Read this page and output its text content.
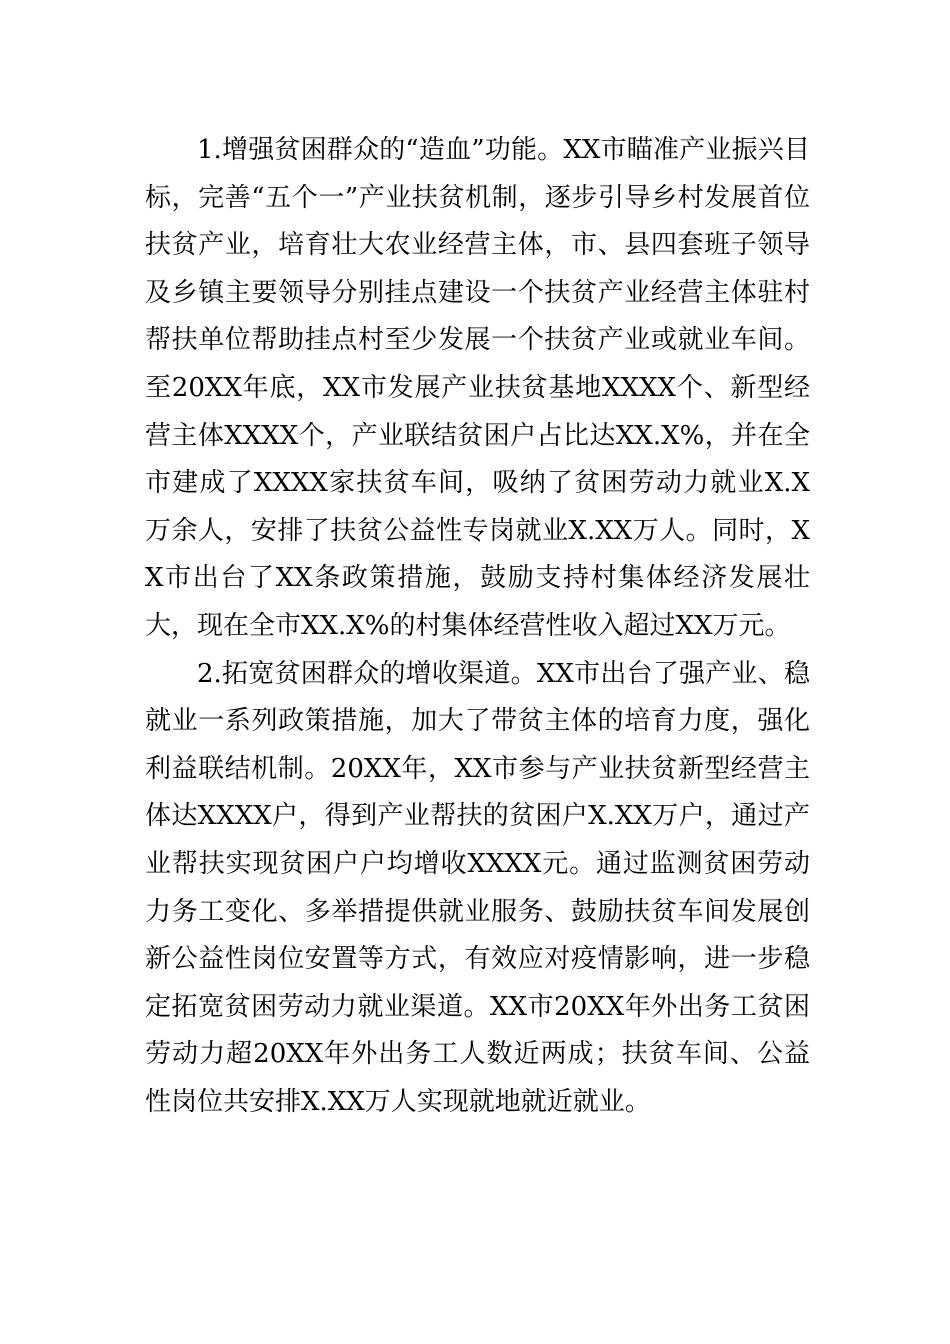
1.增强贫困群众的“造血”功能。XX市瞄准产业振兴目标，完善“五个一”产业扶贫机制，逐步引导乡村发展首位扶贫产业，培育壮大农业经营主体，市、县四套班子领导及乡镇主要领导分别挂点建设一个扶贫产业经营主体驻村帮扶单位帮助挂点村至少发展一个扶贫产业或就业车间。至20XX年底，XX市发展产业扶贫基地XXXX个、新型经营主体XXXX个，产业联结贫困户占比达XX.X%，并在全市建成了XXXX家扶贫车间，吸纳了贫困劳动力就业X.X万余人，安排了扶贫公益性专岗就业X.XX万人。同时，XX市出台了XX条政策措施，鼓励支持村集体经济发展壮大，现在全市XX.X%的村集体经营性收入超过XX万元。

2.拓宽贫困群众的增收渠道。XX市出台了强产业、稳就业一系列政策措施，加大了带贫主体的培育力度，强化利益联结机制。20XX年，XX市参与产业扶贫新型经营主体达XXXX户，得到产业帮扶的贫困户X.XX万户，通过产业帮扶实现贫困户户均增收XXXX元。通过监测贫困劳动力务工变化、多举措提供就业服务、鼓励扶贫车间发展创新公益性岗位安置等方式，有效应对疫情影响，进一步稳定拓宽贫困劳动力就业渠道。XX市20XX年外出务工贫困劳动力超20XX年外出务工人数近两成；扶贫车间、公益性岗位共安排X.XX万人实现就地就近就业。
